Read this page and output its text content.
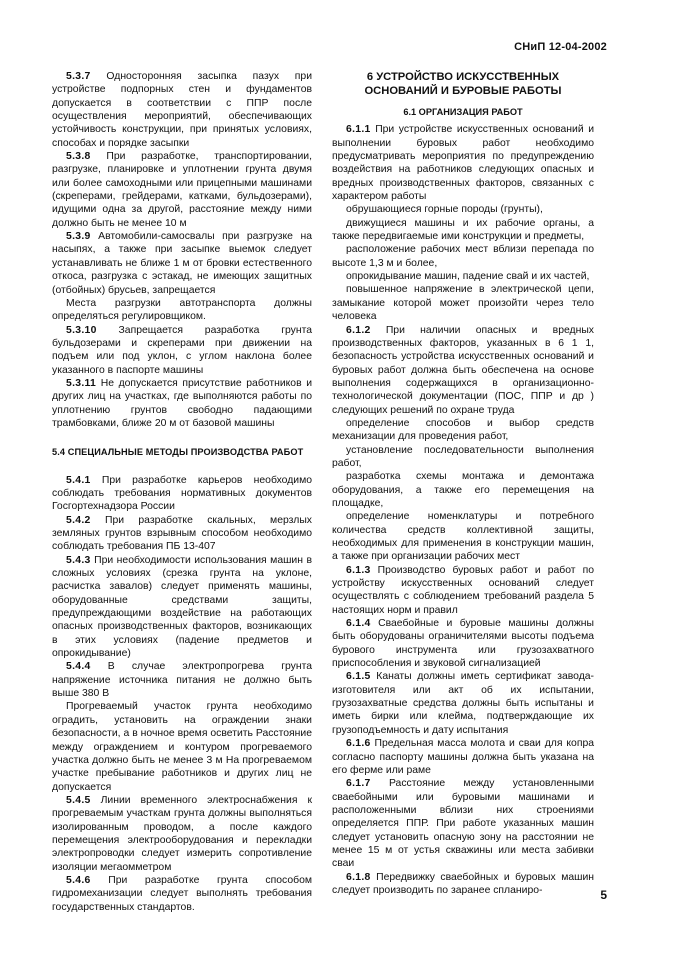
СНиП 12-04-2002

5.3.7 Односторонняя засыпка пазух при устройстве подпорных стен и фундаментов допускается в соответствии с ППР после осуществления мероприятий, обеспечивающих устойчивость конструкции, при принятых условиях, способах и порядке засыпки

5.3.8 При разработке, транспортировании, разгрузке, планировке и уплотнении грунта двумя или более самоходными или прицепными машинами (скреперами, грейдерами, катками, бульдозерами), идущими одна за другой, расстояние между ними должно быть не менее 10 м

5.3.9 Автомобили-самосвалы при разгрузке на насыпях, а также при засыпке выемок следует устанавливать не ближе 1 м от бровки естественного откоса, разгрузка с эстакад, не имеющих защитных (отбойных) брусьев, запрещается

Места разгрузки автотранспорта должны определяться регулировщиком.

5.3.10 Запрещается разработка грунта бульдозерами и скреперами при движении на подъем или под уклон, с углом наклона более указанного в паспорте машины

5.3.11 Не допускается присутствие работников и других лиц на участках, где выполняются работы по уплотнению грунтов свободно падающими трамбовками, ближе 20 м от базовой машины

5.4 СПЕЦИАЛЬНЫЕ МЕТОДЫ ПРОИЗВОДСТВА РАБОТ

5.4.1 При разработке карьеров необходимо соблюдать требования нормативных документов Госгортехнадзора России

5.4.2 При разработке скальных, мерзлых земляных грунтов взрывным способом необходимо соблюдать требования ПБ 13-407

5.4.3 При необходимости использования машин в сложных условиях (срезка грунта на уклоне, расчистка завалов) следует применять машины, оборудованные средствами защиты, предупреждающими воздействие на работающих опасных производственных факторов, возникающих в этих условиях (падение предметов и опрокидывание)

5.4.4 В случае электропрогрева грунта напряжение источника питания не должно быть выше 380 В

Прогреваемый участок грунта необходимо оградить, установить на ограждении знаки безопасности, а в ночное время осветить Расстояние между ограждением и контуром прогреваемого участка должно быть не менее 3 м На прогреваемом участке пребывание работников и других лиц не допускается

5.4.5 Линии временного электроснабжения к прогреваемым участкам грунта должны выполняться изолированным проводом, а после каждого перемещения электрооборудования и перекладки электропроводки следует измерить сопротивление изоляции мегаомметром

5.4.6 При разработке грунта способом гидромеханизации следует выполнять требования государственных стандартов.

6 УСТРОЙСТВО ИСКУССТВЕННЫХ ОСНОВАНИЙ И БУРОВЫЕ РАБОТЫ

6.1 ОРГАНИЗАЦИЯ РАБОТ

6.1.1 При устройстве искусственных оснований и выполнении буровых работ необходимо предусматривать мероприятия по предупреждению воздействия на работников следующих опасных и вредных производственных факторов, связанных с характером работы

обрушающиеся горные породы (грунты),

движущиеся машины и их рабочие органы, а также передвигаемые ими конструкции и предметы,

расположение рабочих мест вблизи перепада по высоте 1,3 м и более,

опрокидывание машин, падение свай и их частей,

повышенное напряжение в электрической цепи, замыкание которой может произойти через тело человека

6.1.2 При наличии опасных и вредных производственных факторов, указанных в 6 1 1, безопасность устройства искусственных оснований и буровых работ должна быть обеспечена на основе выполнения содержащихся в организационно-технологической документации (ПОС, ППР и др ) следующих решений по охране труда

определение способов и выбор средств механизации для проведения работ,

установление последовательности выполнения работ,

разработка схемы монтажа и демонтажа оборудования, а также его перемещения на площадке,

определение номенклатуры и потребного количества средств коллективной защиты, необходимых для применения в конструкции машин, а также при организации рабочих мест

6.1.3 Производство буровых работ и работ по устройству искусственных оснований следует осуществлять с соблюдением требований раздела 5 настоящих норм и правил

6.1.4 Сваебойные и буровые машины должны быть оборудованы ограничителями высоты подъема бурового инструмента или грузозахватного приспособления и звуковой сигнализацией

6.1.5 Канаты должны иметь сертификат завода-изготовителя или акт об их испытании, грузозахватные средства должны быть испытаны и иметь бирки или клейма, подтверждающие их грузоподъемность и дату испытания

6.1.6 Предельная масса молота и сваи для копра согласно паспорту машины должна быть указана на его ферме или раме

6.1.7 Расстояние между установленными сваебойными или буровыми машинами и расположенными вблизи них строениями определяется ППР. При работе указанных машин следует установить опасную зону на расстоянии не менее 15 м от устья скважины или места забивки сваи

6.1.8 Передвижку сваебойных и буровых машин следует производить по заранее спланиро-	5
